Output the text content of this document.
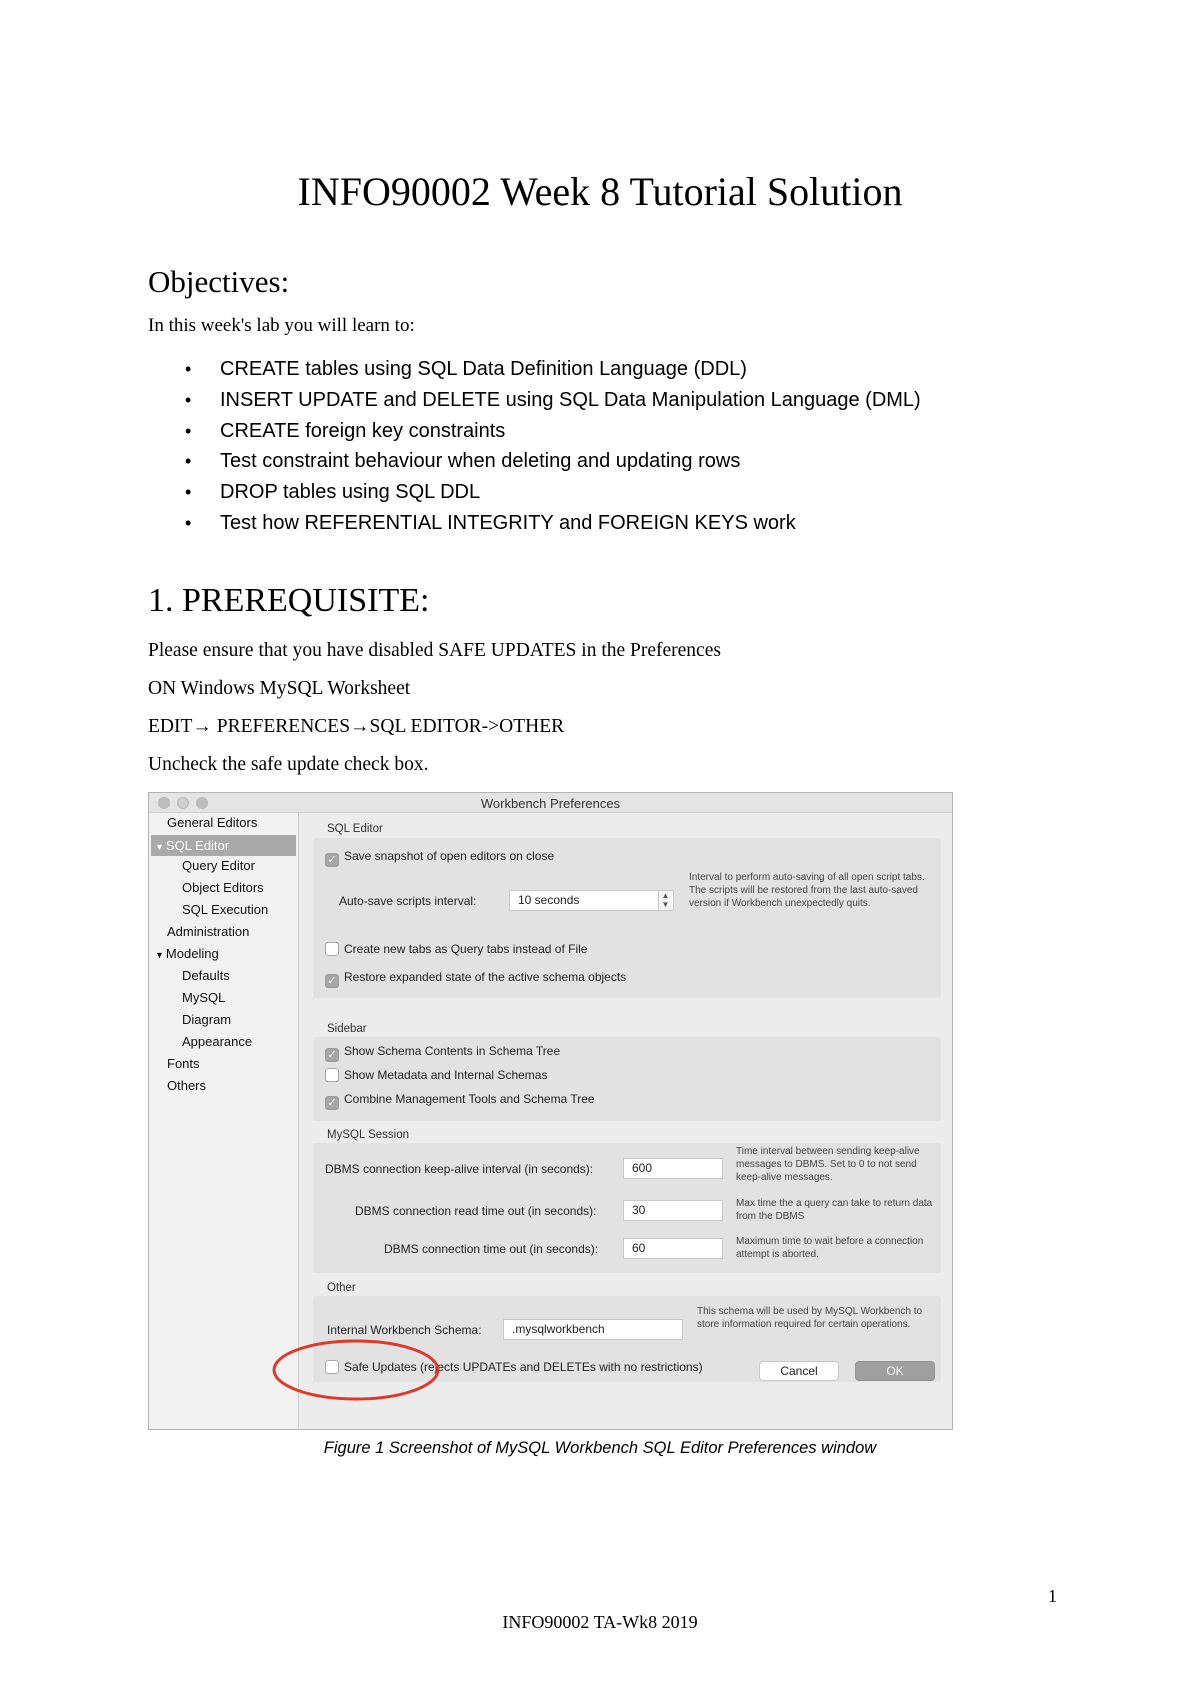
INFO90002 Week 8 Tutorial Solution
Objectives:
In this week's lab you will learn to:
• CREATE tables using SQL Data Definition Language (DDL)
• INSERT UPDATE and DELETE using SQL Data Manipulation Language (DML)
• CREATE foreign key constraints
• Test constraint behaviour when deleting and updating rows
• DROP tables using SQL DDL
• Test how REFERENTIAL INTEGRITY and FOREIGN KEYS work
1. PREREQUISITE:
Please ensure that you have disabled SAFE UPDATES in the Preferences
ON Windows MySQL Worksheet
EDIT→ PREFERENCES→SQL EDITOR->OTHER
Uncheck the safe update check box.
Workbench Preferences
General Editors
▼ SQL Editor
Query Editor
Object Editors
SQL Execution
Administration
▼ Modeling
Defaults
MySQL
Diagram
Appearance
Fonts
Others
SQL Editor
✓ Save snapshot of open editors on close
Auto-save scripts interval:	10 seconds	▲
▼
Interval to perform auto-saving of all open script tabs. The scripts will be restored from the last auto-saved version if Workbench unexpectedly quits.
Create new tabs as Query tabs instead of File
✓ Restore expanded state of the active schema objects
Sidebar
✓ Show Schema Contents in Schema Tree
Show Metadata and Internal Schemas
✓ Combine Management Tools and Schema Tree
MySQL Session
DBMS connection keep-alive interval (in seconds):	600
Time interval between sending keep-alive messages to DBMS. Set to 0 to not send keep-alive messages.
DBMS connection read time out (in seconds):	30	Max time the a query can take to return data from the DBMS
DBMS connection time out (in seconds):	60	Maximum time to wait before a connection attempt is aborted.
Other
Internal Workbench Schema:	.mysqlworkbench
This schema will be used by MySQL Workbench to store information required for certain operations.
Safe Updates (rejects UPDATEs and DELETEs with no restrictions)	Cancel	OK
Figure 1 Screenshot of MySQL Workbench SQL Editor Preferences window
1
INFO90002 TA-Wk8 2019
